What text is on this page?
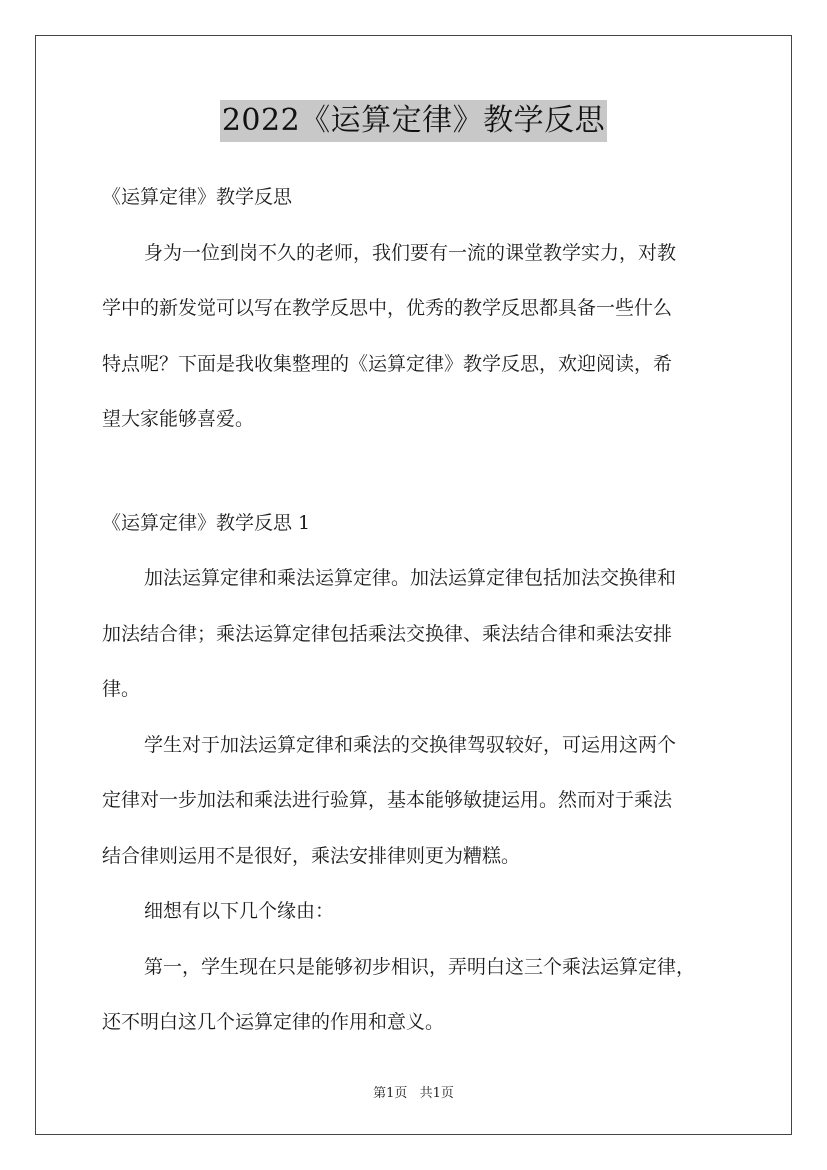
2022《运算定律》教学反思
《运算定律》教学反思
身为一位到岗不久的老师，我们要有一流的课堂教学实力，对教
学中的新发觉可以写在教学反思中，优秀的教学反思都具备一些什么
特点呢？下面是我收集整理的《运算定律》教学反思，欢迎阅读，希
望大家能够喜爱。
《运算定律》教学反思 1
加法运算定律和乘法运算定律。加法运算定律包括加法交换律和
加法结合律；乘法运算定律包括乘法交换律、乘法结合律和乘法安排
律。
学生对于加法运算定律和乘法的交换律驾驭较好，可运用这两个
定律对一步加法和乘法进行验算，基本能够敏捷运用。然而对于乘法
结合律则运用不是很好，乘法安排律则更为糟糕。
细想有以下几个缘由：
第一，学生现在只是能够初步相识，弄明白这三个乘法运算定律，
还不明白这几个运算定律的作用和意义。
第1页 共1页
